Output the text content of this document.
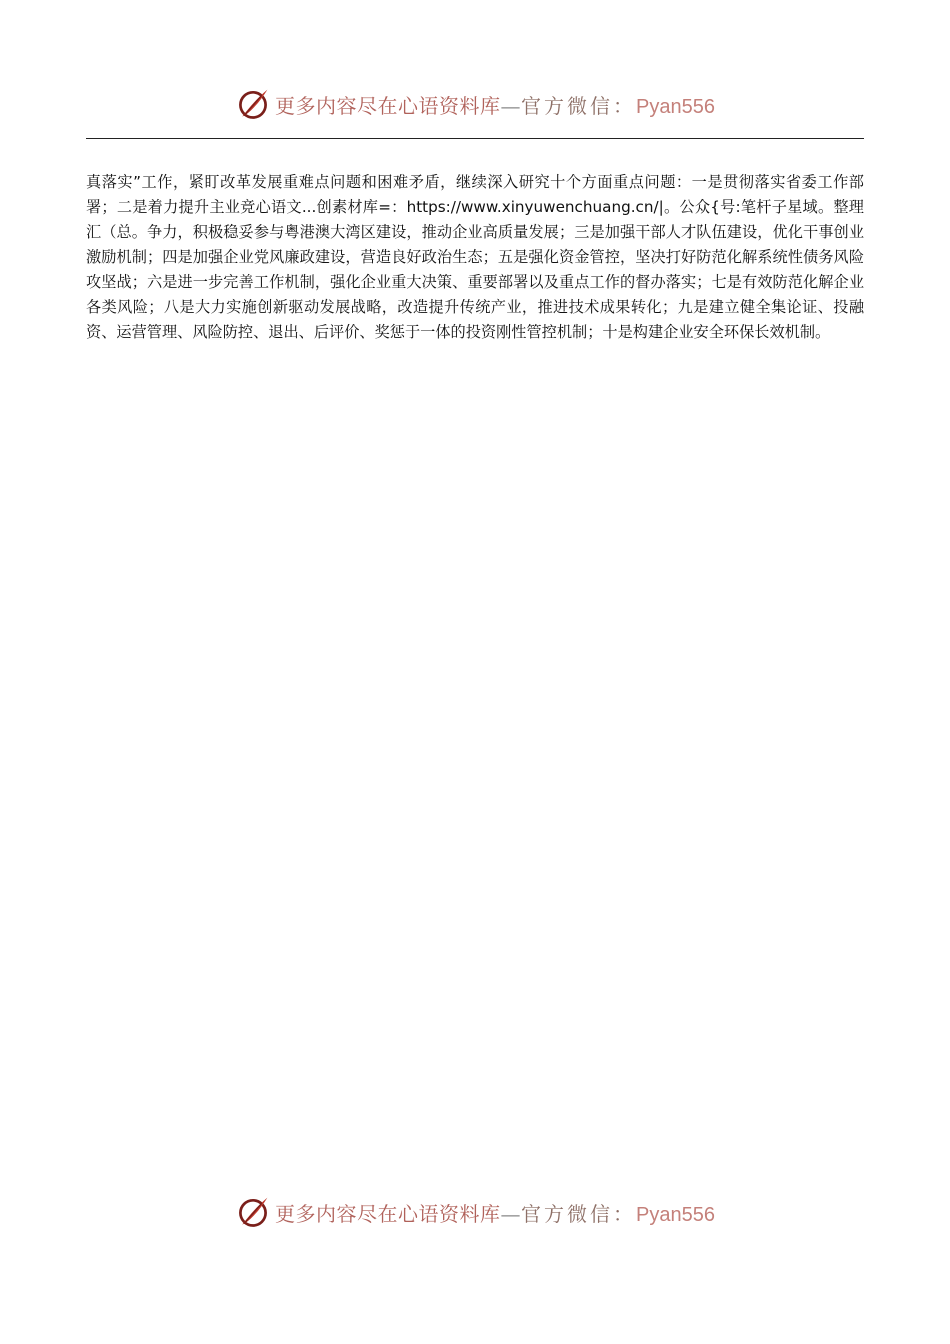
更多内容尽在心语资料库—官方微信：Pyan556

真落实”工作，紧盯改革发展重难点问题和困难矛盾，继续深入研究十个方面重点问题：一是贯彻落实省委工作部署；二是着力提升主业竞心语文...创素材库=：https://www.xinyuwenchuang.cn/|。公众{号:笔杆子星域。整理汇（总。争力，积极稳妥参与粤港澳大湾区建设，推动企业高质量发展；三是加强干部人才队伍建设，优化干事创业激励机制；四是加强企业党风廉政建设，营造良好政治生态；五是强化资金管控，坚决打好防范化解系统性债务风险攻坚战；六是进一步完善工作机制，强化企业重大决策、重要部署以及重点工作的督办落实；七是有效防范化解企业各类风险；八是大力实施创新驱动发展战略，改造提升传统产业，推进技术成果转化；九是建立健全集论证、投融资、运营管理、风险防控、退出、后评价、奖惩于一体的投资刚性管控机制；十是构建企业安全环保长效机制。

更多内容尽在心语资料库—官方微信：Pyan556
